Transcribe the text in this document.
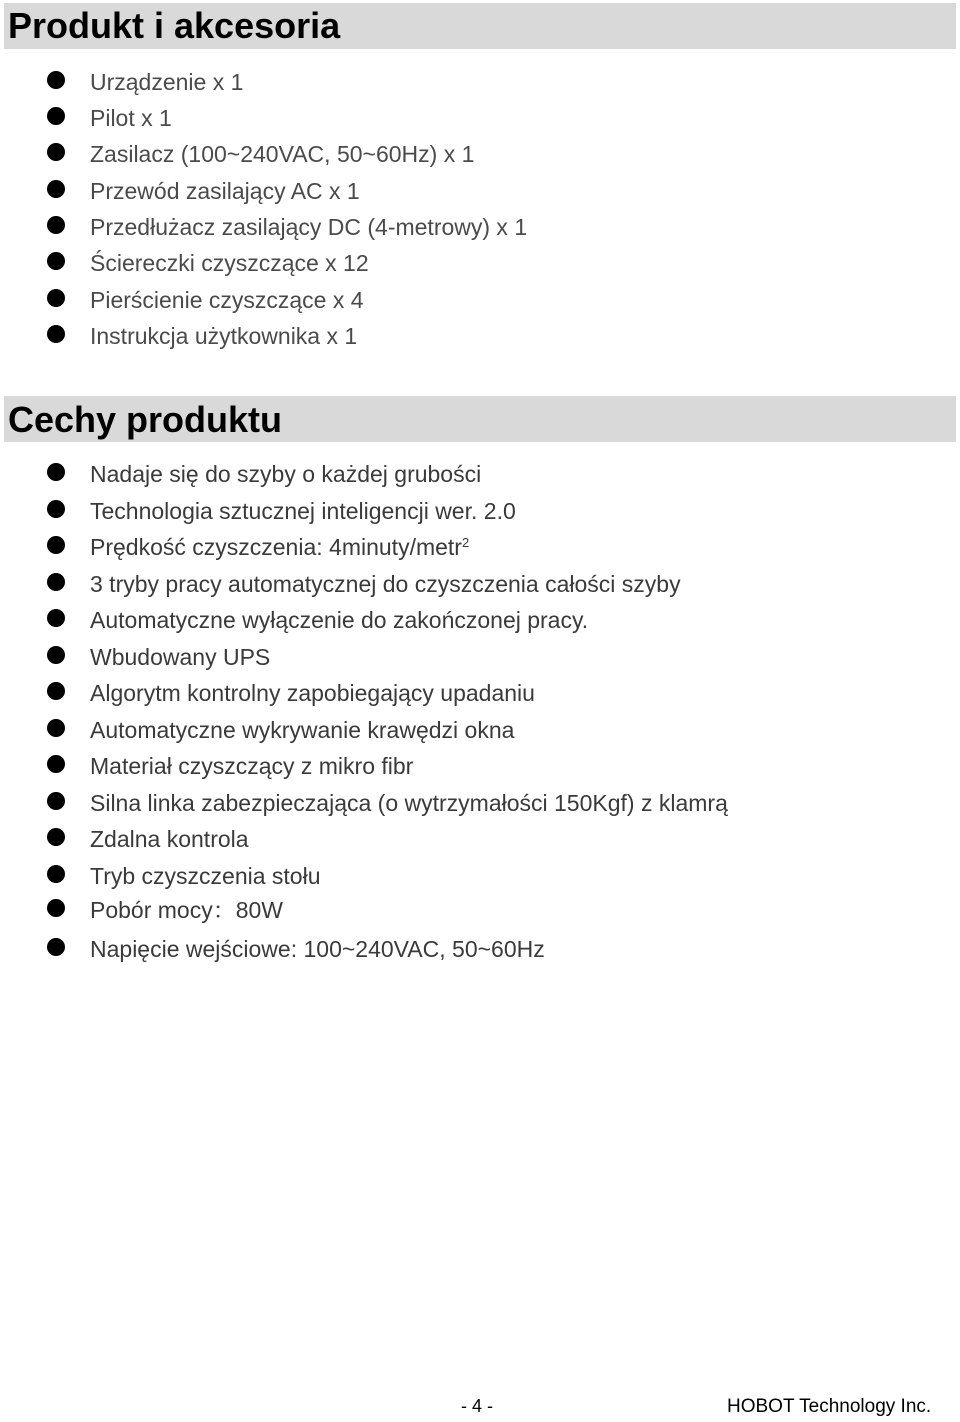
Produkt i akcesoria
Urządzenie x 1
Pilot x 1
Zasilacz (100~240VAC, 50~60Hz) x 1
Przewód zasilający AC x 1
Przedłużacz zasilający DC (4-metrowy) x 1
Ściereczki czyszczące x 12
Pierścienie czyszczące x 4
Instrukcja użytkownika x 1
Cechy produktu
Nadaje się do szyby o każdej grubości
Technologia sztucznej inteligencji wer. 2.0
Prędkość czyszczenia: 4minuty/metr$^2$
3 tryby pracy automatycznej do czyszczenia całości szyby
Automatyczne wyłączenie do zakończonej pracy.
Wbudowany UPS
Algorytm kontrolny zapobiegający upadaniu
Automatyczne wykrywanie krawędzi okna
Materiał czyszczący z mikro fibr
Silna linka zabezpieczająca (o wytrzymałości 150Kgf) z klamrą
Zdalna kontrola
Tryb czyszczenia stołu
Pobór mocy：80W
Napięcie wejściowe: 100~240VAC, 50~60Hz
- 4 -	HOBOT Technology Inc.
